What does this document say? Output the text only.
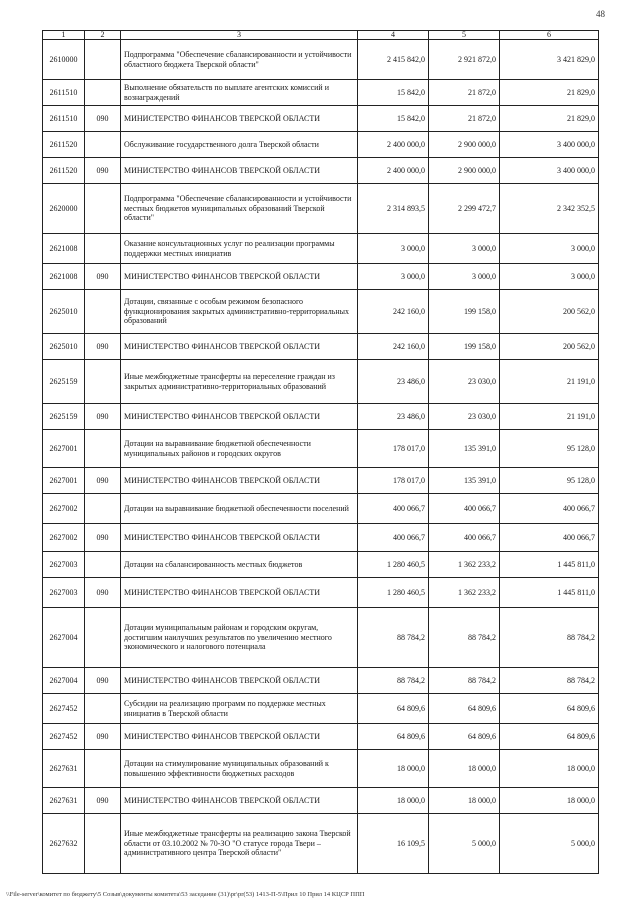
48
1	2	3	4	5	6
2610000		Подпрограмма "Обеспечение сбалансированности и устойчивости областного бюджета Тверской области"	2 415 842,0	2 921 872,0	3 421 829,0
2611510		Выполнение обязательств по выплате агентских комиссий и вознаграждений	15 842,0	21 872,0	21 829,0
2611510	090	МИНИСТЕРСТВО ФИНАНСОВ ТВЕРСКОЙ ОБЛАСТИ	15 842,0	21 872,0	21 829,0
2611520		Обслуживание государственного долга Тверской области	2 400 000,0	2 900 000,0	3 400 000,0
2611520	090	МИНИСТЕРСТВО ФИНАНСОВ ТВЕРСКОЙ ОБЛАСТИ	2 400 000,0	2 900 000,0	3 400 000,0
2620000		Подпрограмма "Обеспечение сбалансированности и устойчивости местных бюджетов муниципальных образований Тверской области"	2 314 893,5	2 299 472,7	2 342 352,5
2621008		Оказание консультационных услуг по реализации программы поддержки местных инициатив	3 000,0	3 000,0	3 000,0
2621008	090	МИНИСТЕРСТВО ФИНАНСОВ ТВЕРСКОЙ ОБЛАСТИ	3 000,0	3 000,0	3 000,0
2625010		Дотации, связанные с особым режимом безопасного функционирования закрытых административно-территориальных образований	242 160,0	199 158,0	200 562,0
2625010	090	МИНИСТЕРСТВО ФИНАНСОВ ТВЕРСКОЙ ОБЛАСТИ	242 160,0	199 158,0	200 562,0
2625159		Иные межбюджетные трансферты на переселение граждан из закрытых административно-территориальных образований	23 486,0	23 030,0	21 191,0
2625159	090	МИНИСТЕРСТВО ФИНАНСОВ ТВЕРСКОЙ ОБЛАСТИ	23 486,0	23 030,0	21 191,0
2627001		Дотации на выравнивание бюджетной обеспеченности муниципальных районов и городских округов	178 017,0	135 391,0	95 128,0
2627001	090	МИНИСТЕРСТВО ФИНАНСОВ ТВЕРСКОЙ ОБЛАСТИ	178 017,0	135 391,0	95 128,0
2627002		Дотации на выравнивание бюджетной обеспеченности поселений	400 066,7	400 066,7	400 066,7
2627002	090	МИНИСТЕРСТВО ФИНАНСОВ ТВЕРСКОЙ ОБЛАСТИ	400 066,7	400 066,7	400 066,7
2627003		Дотации на сбалансированность местных бюджетов	1 280 460,5	1 362 233,2	1 445 811,0
2627003	090	МИНИСТЕРСТВО ФИНАНСОВ ТВЕРСКОЙ ОБЛАСТИ	1 280 460,5	1 362 233,2	1 445 811,0
2627004		Дотации муниципальным районам и городским округам, достигшим наилучших результатов по увеличению местного экономического и налогового потенциала	88 784,2	88 784,2	88 784,2
2627004	090	МИНИСТЕРСТВО ФИНАНСОВ ТВЕРСКОЙ ОБЛАСТИ	88 784,2	88 784,2	88 784,2
2627452		Субсидии на реализацию программ по поддержке местных инициатив в Тверской области	64 809,6	64 809,6	64 809,6
2627452	090	МИНИСТЕРСТВО ФИНАНСОВ ТВЕРСКОЙ ОБЛАСТИ	64 809,6	64 809,6	64 809,6
2627631		Дотации на стимулирование муниципальных образований к повышению эффективности бюджетных расходов	18 000,0	18 000,0	18 000,0
2627631	090	МИНИСТЕРСТВО ФИНАНСОВ ТВЕРСКОЙ ОБЛАСТИ	18 000,0	18 000,0	18 000,0
2627632		Иные межбюджетные трансферты на реализацию закона Тверской области от 03.10.2002 № 70-ЗО "О статусе города Твери – административного центра Тверской области"	16 109,5	5 000,0	5 000,0
\\File-server\комитет по бюджету\5 Созыв\документы комитета\53 заседание (31)\pr\pr(53) 1413-П-5\Прил 10 Прил 14 КЦСР ППП
